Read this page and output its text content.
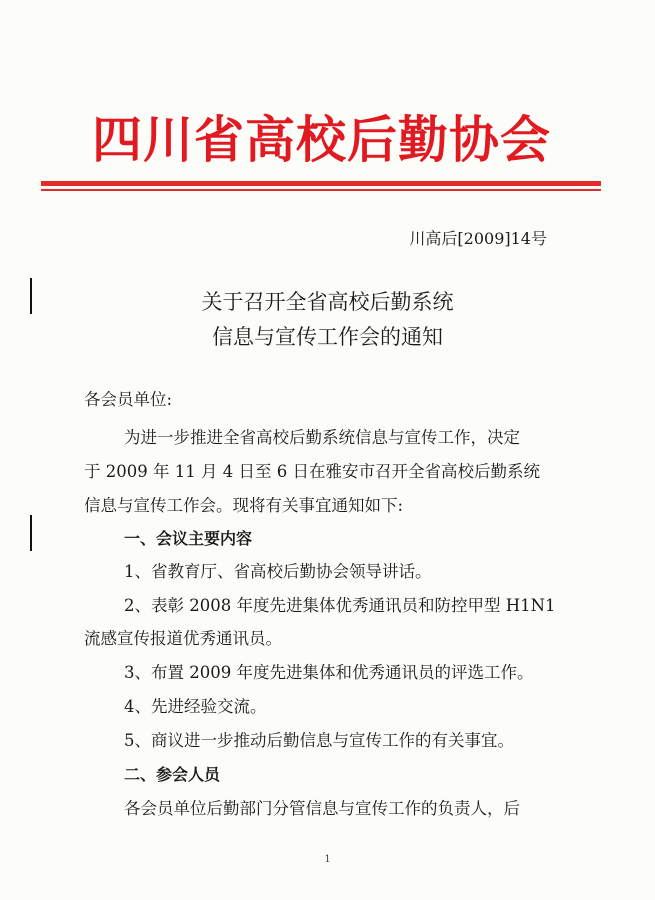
四川省高校后勤协会
川高后[2009]14号
关于召开全省高校后勤系统
信息与宣传工作会的通知
各会员单位:
为进一步推进全省高校后勤系统信息与宣传工作，决定
于 2009 年 11 月 4 日至 6 日在雅安市召开全省高校后勤系统
信息与宣传工作会。现将有关事宜通知如下:
一、会议主要内容
1、省教育厅、省高校后勤协会领导讲话。
2、表彰 2008 年度先进集体优秀通讯员和防控甲型 H1N1
流感宣传报道优秀通讯员。
3、布置 2009 年度先进集体和优秀通讯员的评选工作。
4、先进经验交流。
5、商议进一步推动后勤信息与宣传工作的有关事宜。
二、参会人员
各会员单位后勤部门分管信息与宣传工作的负责人，后
1
